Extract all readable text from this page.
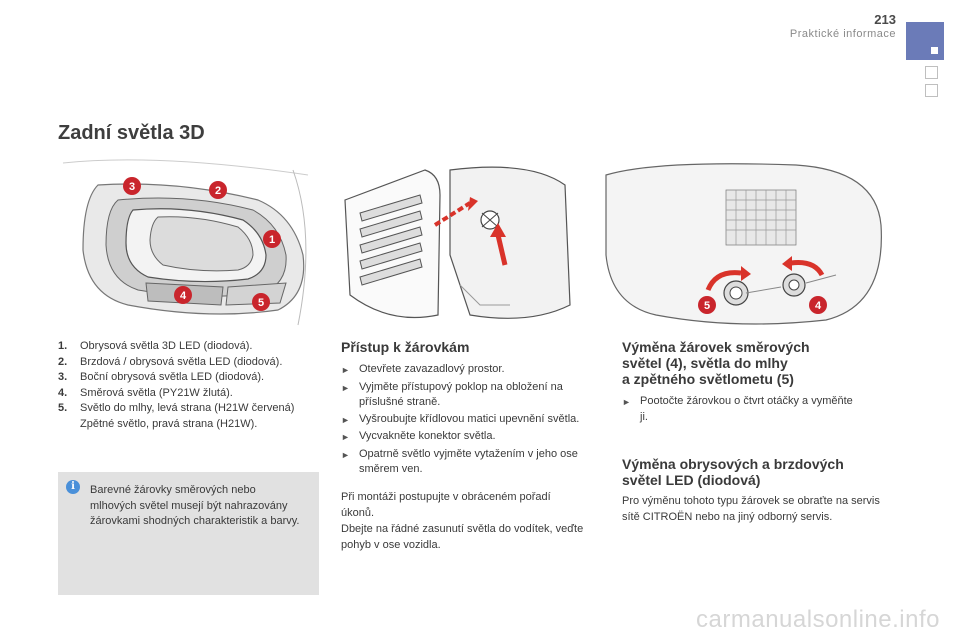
213
Praktické informace
Zadní světla 3D
3	2
1
4
5	5	4
1.	Obrysová světla 3D LED (diodová).
2.	Brzdová / obrysová světla LED (diodová).
3.	Boční obrysová světla LED (diodová).
4.	Směrová světla (PY21W žlutá).
5.	Světlo do mlhy, levá strana (H21W červená)
Zpětné světlo, pravá strana (H21W).
i	Barevné žárovky směrových nebo mlhových světel musejí být nahrazovány žárovkami shodných charakteristik a barvy.
Přístup k žárovkám
► Otevřete zavazadlový prostor.
► Vyjměte přístupový poklop na obložení na příslušné straně.
► Vyšroubujte křídlovou matici upevnění světla.
► Vycvakněte konektor světla.
► Opatrně světlo vyjměte vytažením v jeho ose směrem ven.
Při montáži postupujte v obráceném pořadí úkonů.
Dbejte na řádné zasunutí světla do vodítek, veďte pohyb v ose vozidla.
Výměna žárovek směrových
světel (4), světla do mlhy
a zpětného světlometu (5)
► Pootočte žárovkou o čtvrt otáčky a vyměňte ji.
Výměna obrysových a brzdových
světel LED (diodová)
Pro výměnu tohoto typu žárovek se obraťte na servis sítě CITROËN nebo na jiný odborný servis.
carmanualsonline.info
